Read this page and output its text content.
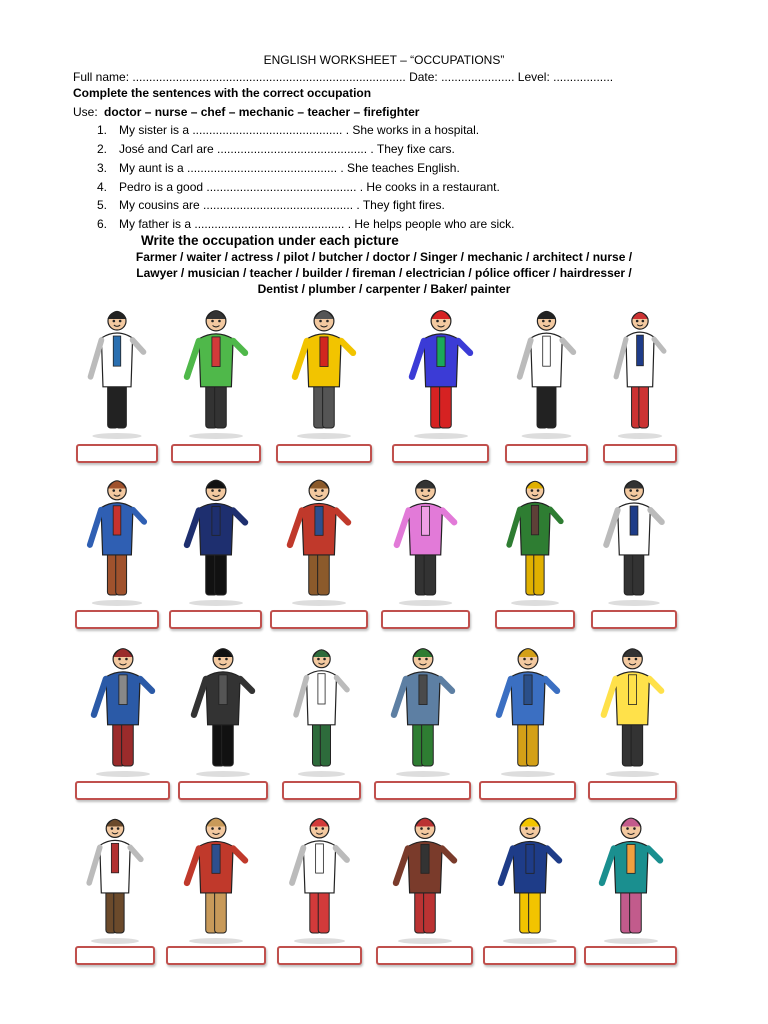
ENGLISH WORKSHEET – “OCCUPATIONS”
Full name: .................................................................................. Date: ...................... Level: ..................
Complete the sentences with the correct occupation
Use: doctor – nurse – chef – mechanic – teacher – firefighter
1. My sister is a ............................................. . She works in a hospital.
2. José and Carl are ............................................. . They fixe cars.
3. My aunt is a ............................................. . She teaches English.
4. Pedro is a good ............................................. . He cooks in a restaurant.
5. My cousins are ............................................. . They fight fires.
6. My father is a ............................................. . He helps people who are sick.
Write the occupation under each picture
Farmer / waiter / actress / pilot / butcher / doctor / Singer / mechanic / architect / nurse /
Lawyer / musician / teacher / builder / fireman / electrician / pólice officer / hairdresser /
Dentist / plumber / carpenter / Baker/ painter
